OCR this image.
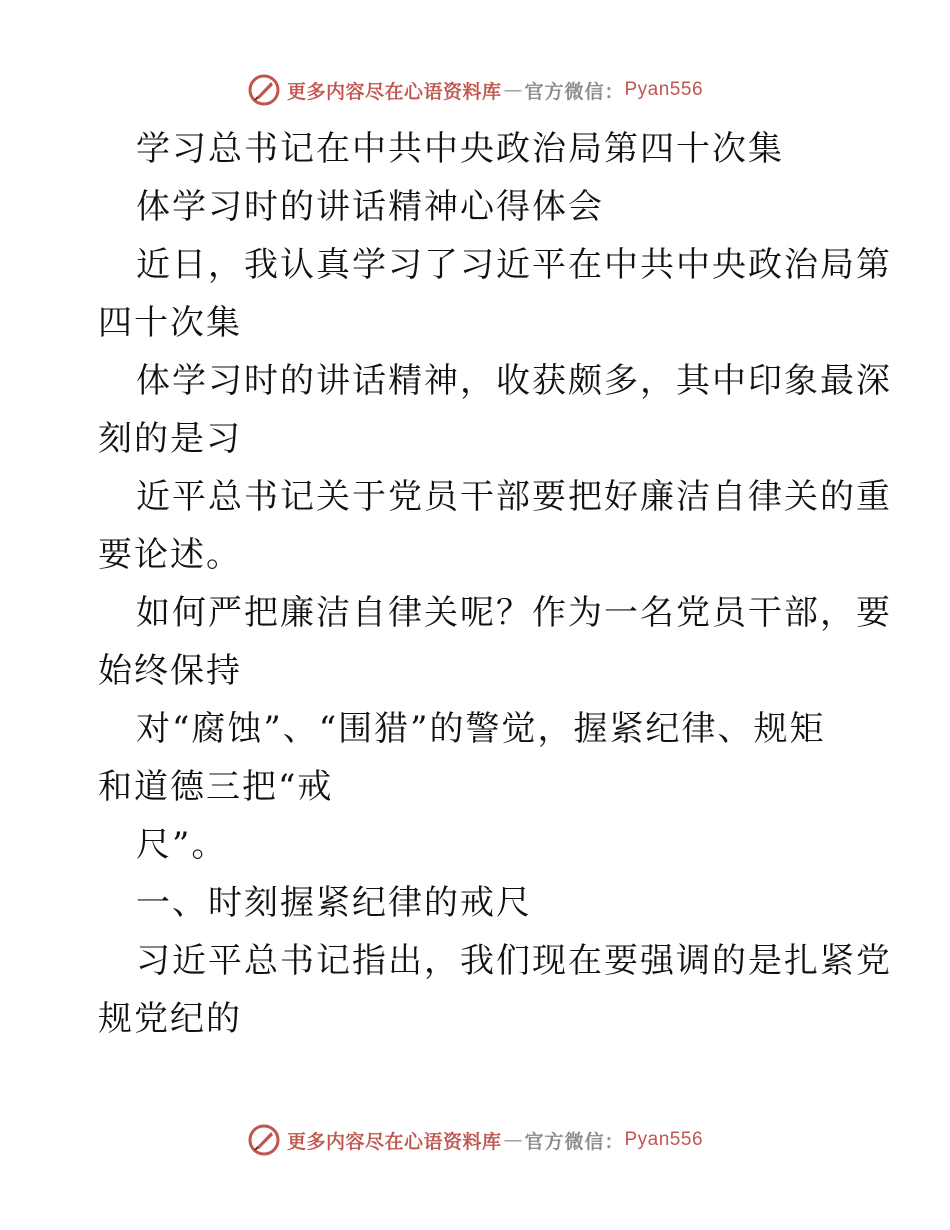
更多内容尽在心语资料库 — 官方微信： Pyan556
学习总书记在中共中央政治局第四十次集
体学习时的讲话精神心得体会
近日，我认真学习了习近平在中共中央政治局第
四十次集
体学习时的讲话精神，收获颇多，其中印象最深
刻的是习
近平总书记关于党员干部要把好廉洁自律关的重
要论述。
如何严把廉洁自律关呢？作为一名党员干部，要
始终保持
对“腐蚀”、“围猎”的警觉，握紧纪律、规矩
和道德三把“戒
尺”。
一、时刻握紧纪律的戒尺
习近平总书记指出，我们现在要强调的是扎紧党
规党纪的
更多内容尽在心语资料库 — 官方微信： Pyan556
